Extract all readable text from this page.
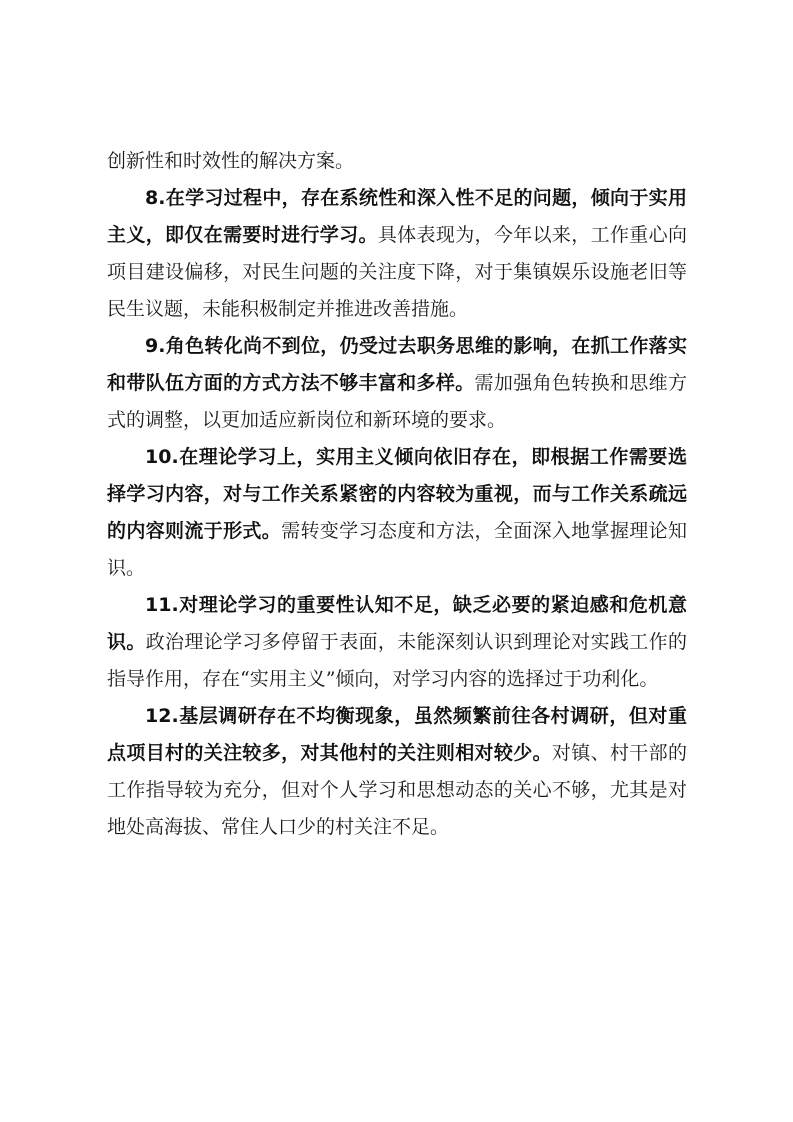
创新性和时效性的解决方案。

8.在学习过程中，存在系统性和深入性不足的问题，倾向于实用主义，即仅在需要时进行学习。具体表现为，今年以来，工作重心向项目建设偏移，对民生问题的关注度下降，对于集镇娱乐设施老旧等民生议题，未能积极制定并推进改善措施。

9.角色转化尚不到位，仍受过去职务思维的影响，在抓工作落实和带队伍方面的方式方法不够丰富和多样。需加强角色转换和思维方式的调整，以更加适应新岗位和新环境的要求。

10.在理论学习上，实用主义倾向依旧存在，即根据工作需要选择学习内容，对与工作关系紧密的内容较为重视，而与工作关系疏远的内容则流于形式。需转变学习态度和方法，全面深入地掌握理论知识。

11.对理论学习的重要性认知不足，缺乏必要的紧迫感和危机意识。政治理论学习多停留于表面，未能深刻认识到理论对实践工作的指导作用，存在“实用主义”倾向，对学习内容的选择过于功利化。

12.基层调研存在不均衡现象，虽然频繁前往各村调研，但对重点项目村的关注较多，对其他村的关注则相对较少。对镇、村干部的工作指导较为充分，但对个人学习和思想动态的关心不够，尤其是对地处高海拔、常住人口少的村关注不足。
